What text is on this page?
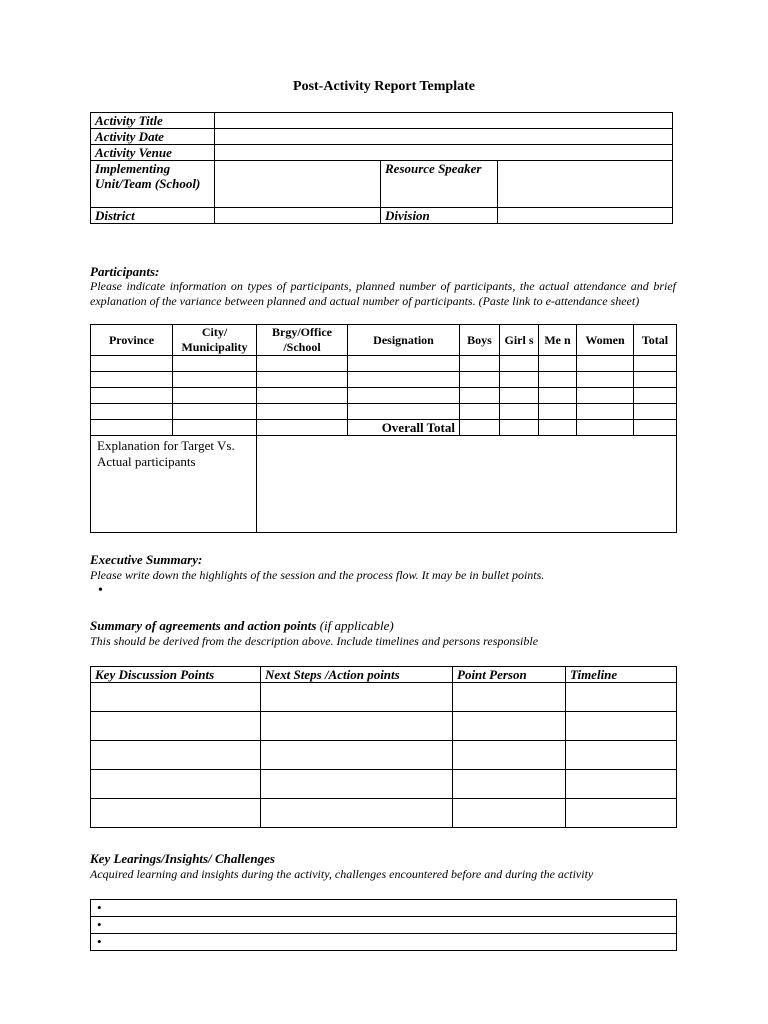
Post-Activity Report Template
Activity Title			
Activity Date			
Activity Venue			
Implementing Unit/Team (School)		Resource Speaker	
District		Division	
Participants:
Please indicate information on types of participants, planned number of participants, the actual attendance and brief explanation of the variance between planned and actual number of participants. (Paste link to e-attendance sheet)
Province	City/ Municipality	Brgy/Office /School	Designation	Boys	Girl s	Me n	Women	Total

			Overall Total					
Explanation for Target Vs. Actual participants								
Executive Summary:
Please write down the highlights of the session and the process flow. It may be in bullet points.
•
Summary of agreements and action points (if applicable)
This should be derived from the description above. Include timelines and persons responsible
Key Discussion Points	Next Steps /Action points	Point Person	Timeline

Key Learings/Insights/ Challenges
Acquired learning and insights during the activity, challenges encountered before and during the activity
•
•
•
